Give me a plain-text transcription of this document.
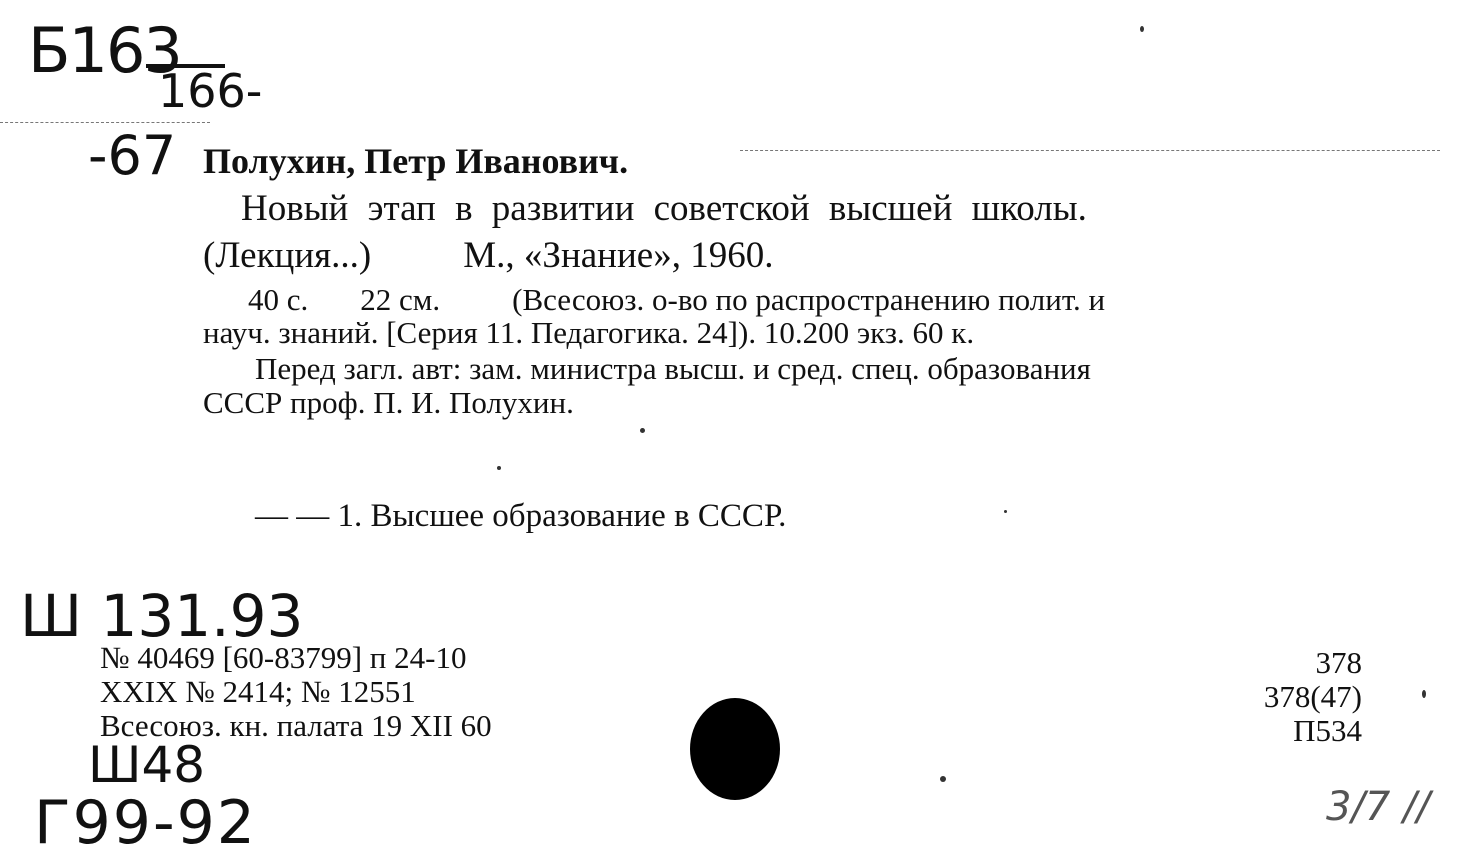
Б163
166-
-67 Полухин, Петр Иванович.
Новый этап в развитии советской высшей школы.
(Лекция...) М., «Знание», 1960.
40 с. 22 см. (Всесоюз. о-во по распространению полит. и
науч. знаний. [Серия 11. Педагогика. 24]). 10.200 экз. 60 к.
Перед загл. авт: зам. министра высш. и сред. спец. образования
СССР проф. П. И. Полухин.
— — 1. Высшее образование в СССР.
Ш 131.93
Ш48
Г99-92	3/7 //
№ 40469 [60-83799] п 24-10
XXIX № 2414; № 12551
Всесоюз. кн. палата 19 XII 60
378
378(47)
П534
